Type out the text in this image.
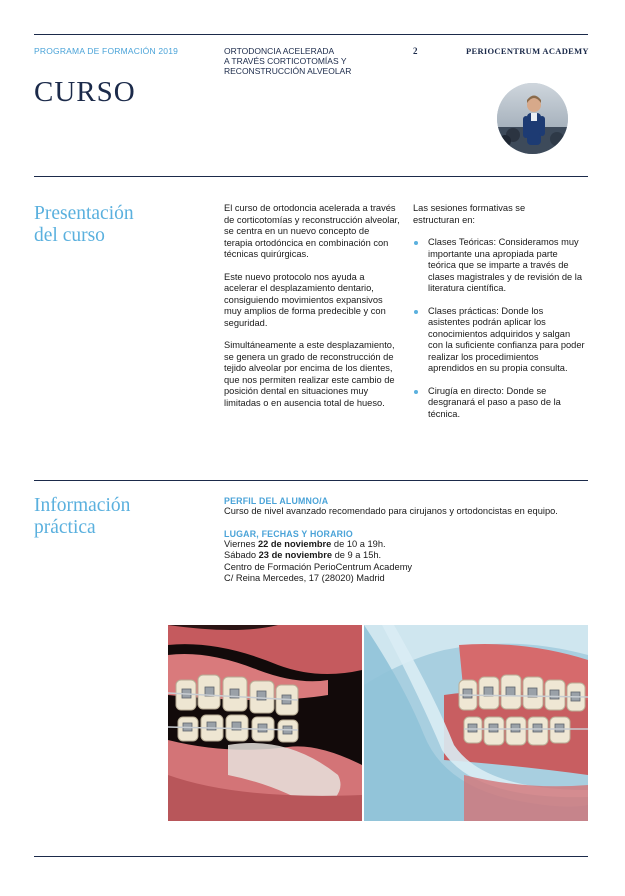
PROGRAMA DE FORMACIÓN 2019	ORTODONCIA ACELERADA
A TRAVÉS CORTICOTOMÍAS Y
RECONSTRUCCIÓN ALVEOLAR
2	PERIOCENTRUM ACADEMY
CURSO
Presentación
del curso

El curso de ortodoncia acelerada a través de corticotomías y reconstrucción alveolar, se centra en un nuevo concepto de terapia ortodóncica en combinación con técnicas quirúrgicas.

Este nuevo protocolo nos ayuda a acelerar el desplazamiento dentario, consiguiendo movimientos expansivos muy amplios de forma predecible y con seguridad.

Simultáneamente a este desplazamiento, se genera un grado de reconstrucción de tejido alveolar por encima de los dientes, que nos permiten realizar este cambio de posición dental en situaciones muy limitadas o en ausencia total de hueso.

Las sesiones formativas se estructuran en:

Clases Teóricas: Consideramos muy importante una apropiada parte teórica que se imparte a través de clases magistrales y de revisión de la literatura científica.
Clases prácticas: Donde los asistentes podrán aplicar los conocimientos adquiridos y salgan con la suficiente confianza para poder realizar los procedimientos aprendidos en su propia consulta.
Cirugía en directo: Donde se desgranará el paso a paso de la técnica.
Información
práctica
PERFIL DEL ALUMNO/A
Curso de nivel avanzado recomendado para cirujanos y ortodoncistas en equipo.
LUGAR, FECHAS Y HORARIO
Viernes 22 de noviembre de 10 a 19h.
Sábado 23 de noviembre de 9 a 15h.
Centro de Formación PerioCentrum Academy
C/ Reina Mercedes, 17 (28020) Madrid
